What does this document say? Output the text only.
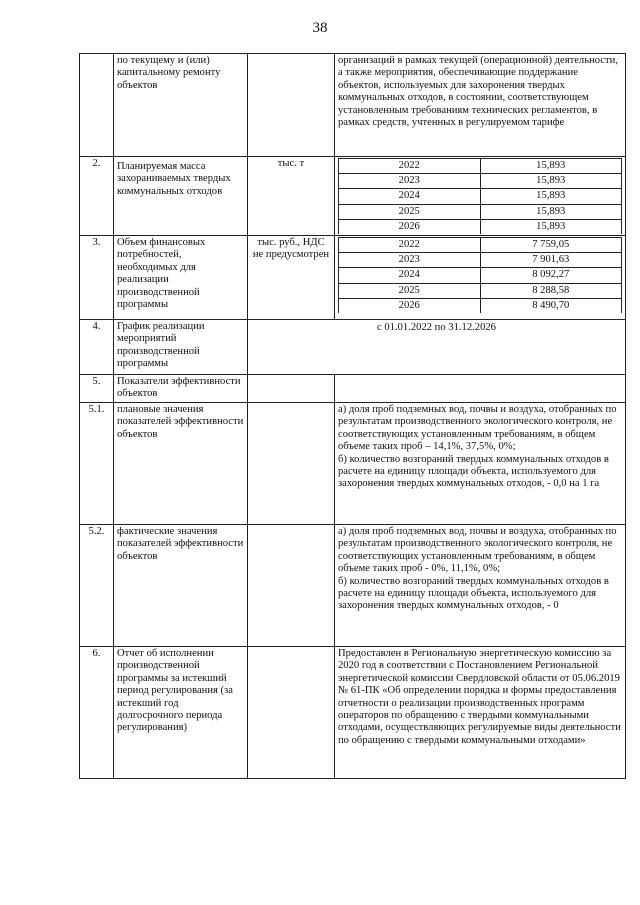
38
	по текущему и (или) капитальному ремонту объектов		организаций в рамках текущей (операционной) деятельности, а также мероприятия, обеспечивающие поддержание объектов, используемых для захоронения твердых коммунальных отходов, в состоянии, соответствующем установленным требованиям технических регламентов, в рамках средств, учтенных в регулируемом тарифе
2.	Планируемая масса захораниваемых твердых коммунальных отходов	тыс. т		2022	15,893
2023	15,893
2024	15,893
2025	15,893
2026	15,893

3.	Объем финансовых потребностей, необходимых для реализации производственной программы	тыс. руб., НДС не предусмотрен	
2022	7 759,05
2023	7 901,63
2024	8 092,27
2025	8 288,58
2026	8 490,70

4.	График реализации мероприятий производственной программы	с 01.01.2022 по 31.12.2026
5.	Показатели эффективности объектов		
5.1.	плановые значения показателей эффективности объектов		
а) доля проб подземных вод, почвы и воздуха, отобранных по результатам производственного экологического контроля, не соответствующих установленным требованиям, в общем объеме таких проб – 14,1%, 37,5%, 0%;
б) количество возгораний твердых коммунальных отходов в расчете на единицу площади объекта, используемого для захоронения твердых коммунальных отходов, - 0,0 на 1 га

5.2.	фактические значения показателей эффективности объектов		
а) доля проб подземных вод, почвы и воздуха, отобранных по результатам производственного экологического контроля, не соответствующих установленным требованиям, в общем объеме таких проб - 0%, 11,1%, 0%;
б) количество возгораний твердых коммунальных отходов в расчете на единицу площади объекта, используемого для захоронения твердых коммунальных отходов, - 0

6.	Отчет об исполнении производственной программы за истекший период регулирования (за истекший год долгосрочного периода регулирования)		Предоставлен в Региональную энергетическую комиссию за 2020 год в соответствии с Постановлением Региональной энергетической комиссии Свердловской области от 05.06.2019 № 61-ПК «Об определении порядка и формы предоставления отчетности о реализации производственных программ операторов по обращению с твердыми коммунальными отходами, осуществляющих регулируемые виды деятельности по обращению с твердыми коммунальными отходами»
